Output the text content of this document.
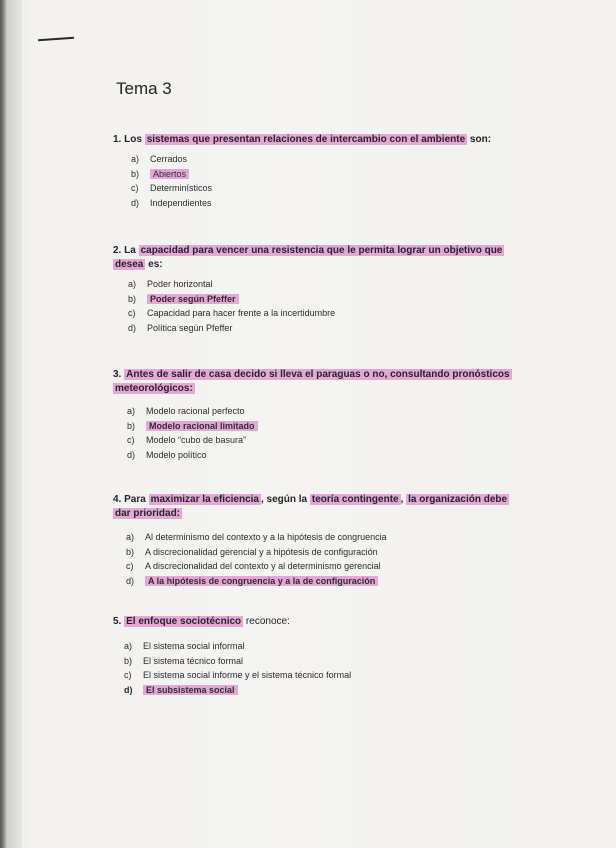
Tema 3
1. Los sistemas que presentan relaciones de intercambio con el ambiente son:
a) Cerrados
b) Abiertos
c) Determinísticos
d) Independientes
2. La capacidad para vencer una resistencia que le permita lograr un objetivo que desea es:
a) Poder horizontal
b) Poder según Pfeffer
c) Capacidad para hacer frente a la incertidumbre
d) Política según Pfeffer
3. Antes de salir de casa decido si lleva el paraguas o no, consultando pronósticos meteorológicos:
a) Modelo racional perfecto
b) Modelo racional limitado
c) Modelo “cubo de basura”
d) Modelo político
4. Para maximizar la eficiencia , según la teoría contingente , la organización debe dar prioridad:
a) Al determinismo del contexto y a la hipótesis de congruencia
b) A discrecionalidad gerencial y a hipótesis de configuración
c) A discrecionalidad del contexto y al determinismo gerencial
d) A la hipótesis de congruencia y a la de configuración
5. El enfoque sociotécnico reconoce:
a) El sistema social informal
b) El sistema técnico formal
c) El sistema social informe y el sistema técnico formal
d) El subsistema social
